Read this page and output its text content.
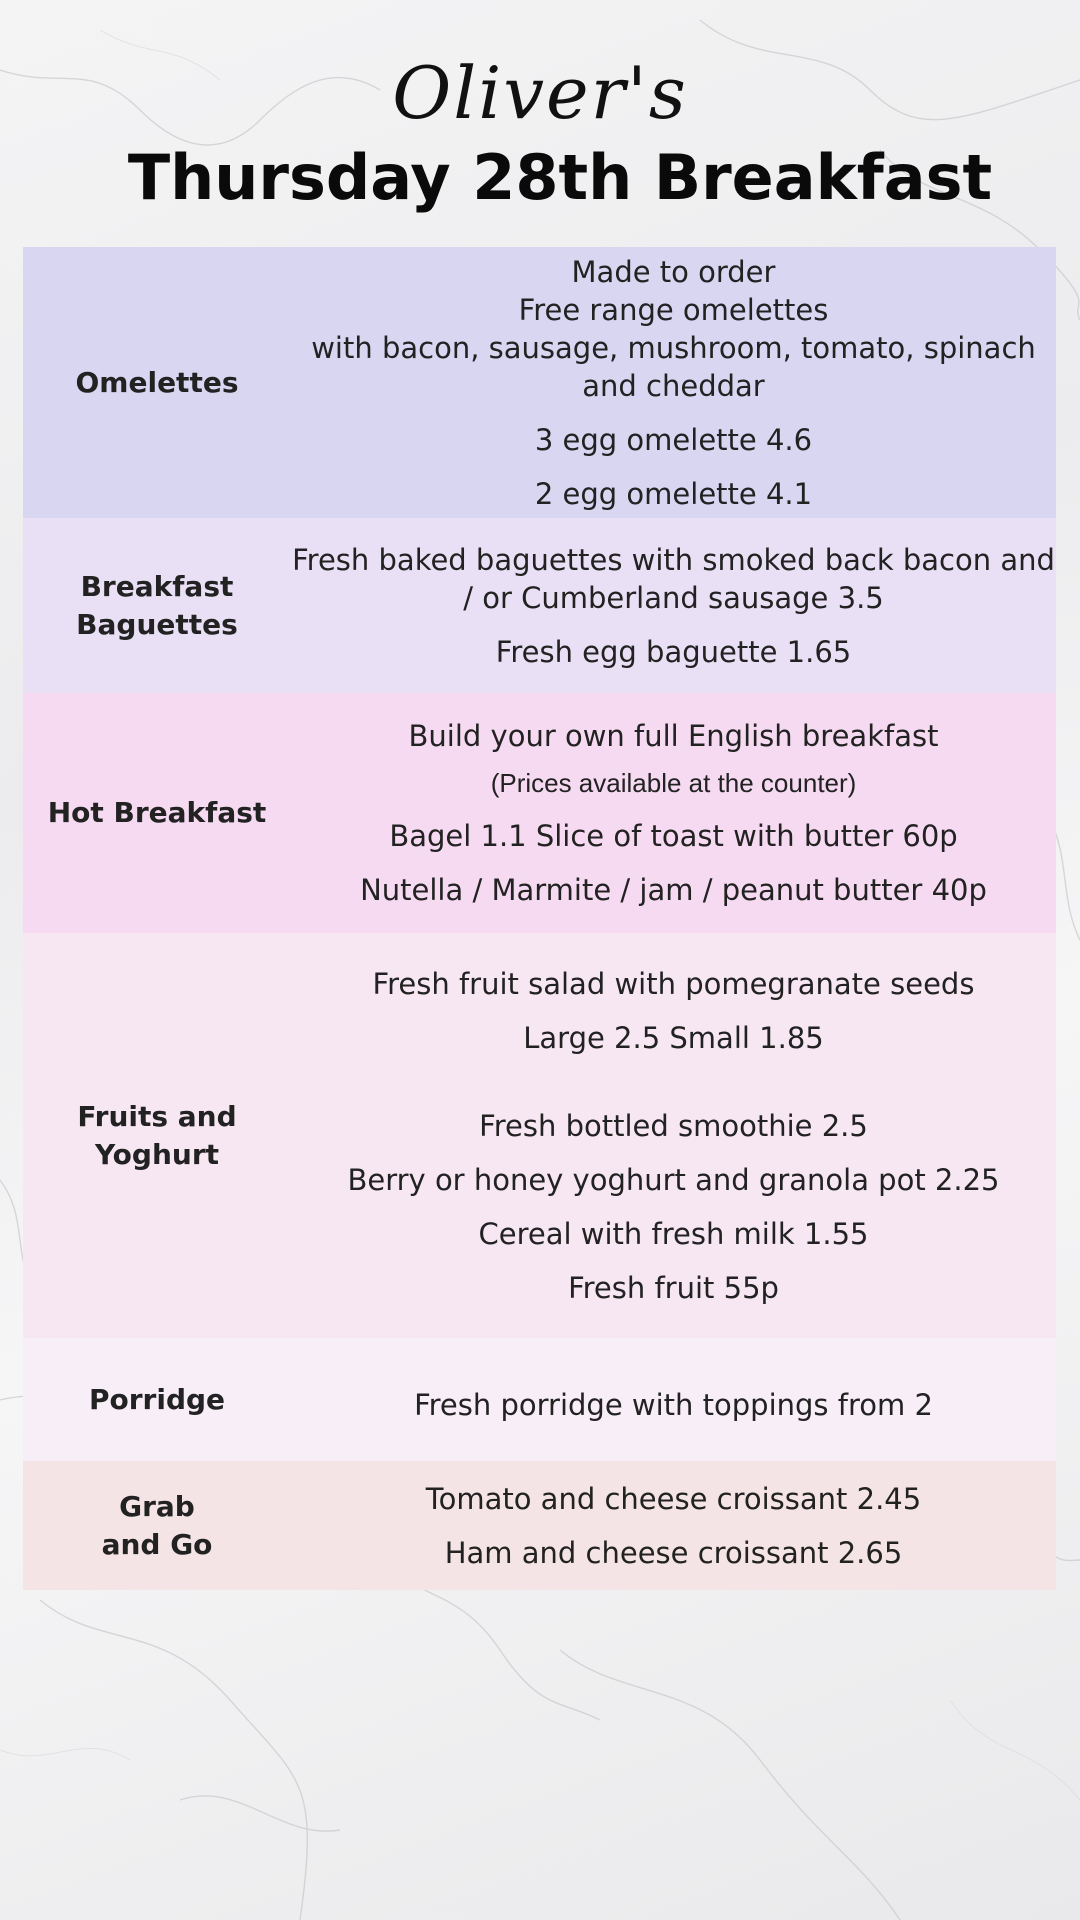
Oliver's
Thursday 28th Breakfast
Omelettes
Made to order
Free range omelettes
with bacon, sausage, mushroom, tomato, spinach and cheddar
3 egg omelette 4.6
2 egg omelette 4.1
Breakfast
Baguettes
Fresh baked baguettes with smoked back bacon and / or Cumberland sausage 3.5
Fresh egg baguette 1.65
Hot Breakfast
Build your own full English breakfast
(Prices available at the counter)
Bagel 1.1 Slice of toast with butter 60p
Nutella / Marmite / jam / peanut butter 40p
Fruits and
Yoghurt
Fresh fruit salad with pomegranate seeds
Large 2.5 Small 1.85
Fresh bottled smoothie 2.5
Berry or honey yoghurt and granola pot 2.25
Cereal with fresh milk 1.55
Fresh fruit 55p
Porridge	Fresh porridge with toppings from 2
Grab
and Go
Tomato and cheese croissant 2.45
Ham and cheese croissant 2.65
